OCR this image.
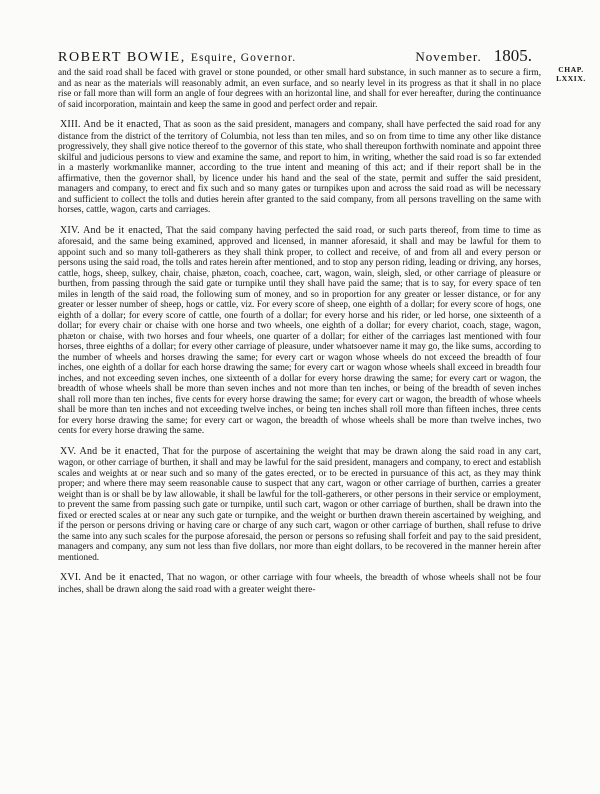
ROBERT BOWIE, Esquire, Governor.	November. 1805.
CHAP.
LXXIX.

and the said road shall be faced with gravel or stone pounded, or other small hard substance, in such manner as to secure a firm, and as near as the materials will reasonably admit, an even surface, and so nearly level in its progress as that it shall in no place rise or fall more than will form an angle of four degrees with an horizontal line, and shall for ever hereafter, during the continuance of said incorporation, maintain and keep the same in good and perfect order and repair.

XIII. And be it enacted, That as soon as the said president, managers and company, shall have perfected the said road for any distance from the district of the territory of Columbia, not less than ten miles, and so on from time to time any other like distance progressively, they shall give notice thereof to the governor of this state, who shall thereupon forthwith nominate and appoint three skilful and judicious persons to view and examine the same, and report to him, in writing, whether the said road is so far extended in a masterly workmanlike manner, according to the true intent and meaning of this act; and if their report shall be in the affirmative, then the governor shall, by licence under his hand and the seal of the state, permit and suffer the said president, managers and company, to erect and fix such and so many gates or turnpikes upon and across the said road as will be necessary and sufficient to collect the tolls and duties herein after granted to the said company, from all persons travelling on the same with horses, cattle, wagon, carts and carriages.

XIV. And be it enacted, That the said company having perfected the said road, or such parts thereof, from time to time as aforesaid, and the same being examined, approved and licensed, in manner aforesaid, it shall and may be lawful for them to appoint such and so many toll-gatherers as they shall think proper, to collect and receive, of and from all and every person or persons using the said road, the tolls and rates herein after mentioned, and to stop any person riding, leading or driving, any horses, cattle, hogs, sheep, sulkey, chair, chaise, phæton, coach, coachee, cart, wagon, wain, sleigh, sled, or other carriage of pleasure or burthen, from passing through the said gate or turnpike until they shall have paid the same; that is to say, for every space of ten miles in length of the said road, the following sum of money, and so in proportion for any greater or lesser distance, or for any greater or lesser number of sheep, hogs or cattle, viz. For every score of sheep, one eighth of a dollar; for every score of hogs, one eighth of a dollar; for every score of cattle, one fourth of a dollar; for every horse and his rider, or led horse, one sixteenth of a dollar; for every chair or chaise with one horse and two wheels, one eighth of a dollar; for every chariot, coach, stage, wagon, phæton or chaise, with two horses and four wheels, one quarter of a dollar; for either of the carriages last mentioned with four horses, three eighths of a dollar; for every other carriage of pleasure, under whatsoever name it may go, the like sums, according to the number of wheels and horses drawing the same; for every cart or wagon whose wheels do not exceed the breadth of four inches, one eighth of a dollar for each horse drawing the same; for every cart or wagon whose wheels shall exceed in breadth four inches, and not exceeding seven inches, one sixteenth of a dollar for every horse drawing the same; for every cart or wagon, the breadth of whose wheels shall be more than seven inches and not more than ten inches, or being of the breadth of seven inches shall roll more than ten inches, five cents for every horse drawing the same; for every cart or wagon, the breadth of whose wheels shall be more than ten inches and not exceeding twelve inches, or being ten inches shall roll more than fifteen inches, three cents for every horse drawing the same; for every cart or wagon, the breadth of whose wheels shall be more than twelve inches, two cents for every horse drawing the same.

XV. And be it enacted, That for the purpose of ascertaining the weight that may be drawn along the said road in any cart, wagon, or other carriage of burthen, it shall and may be lawful for the said president, managers and company, to erect and establish scales and weights at or near such and so many of the gates erected, or to be erected in pursuance of this act, as they may think proper; and where there may seem reasonable cause to suspect that any cart, wagon or other carriage of burthen, carries a greater weight than is or shall be by law allowable, it shall be lawful for the toll-gatherers, or other persons in their service or employment, to prevent the same from passing such gate or turnpike, until such cart, wagon or other carriage of burthen, shall be drawn into the fixed or erected scales at or near any such gate or turnpike, and the weight or burthen drawn therein ascertained by weighing, and if the person or persons driving or having care or charge of any such cart, wagon or other carriage of burthen, shall refuse to drive the same into any such scales for the purpose aforesaid, the person or persons so refusing shall forfeit and pay to the said president, managers and company, any sum not less than five dollars, nor more than eight dollars, to be recovered in the manner herein after mentioned.

XVI. And be it enacted, That no wagon, or other carriage with four wheels, the breadth of whose wheels shall not be four inches, shall be drawn along the said road with a greater weight there-
